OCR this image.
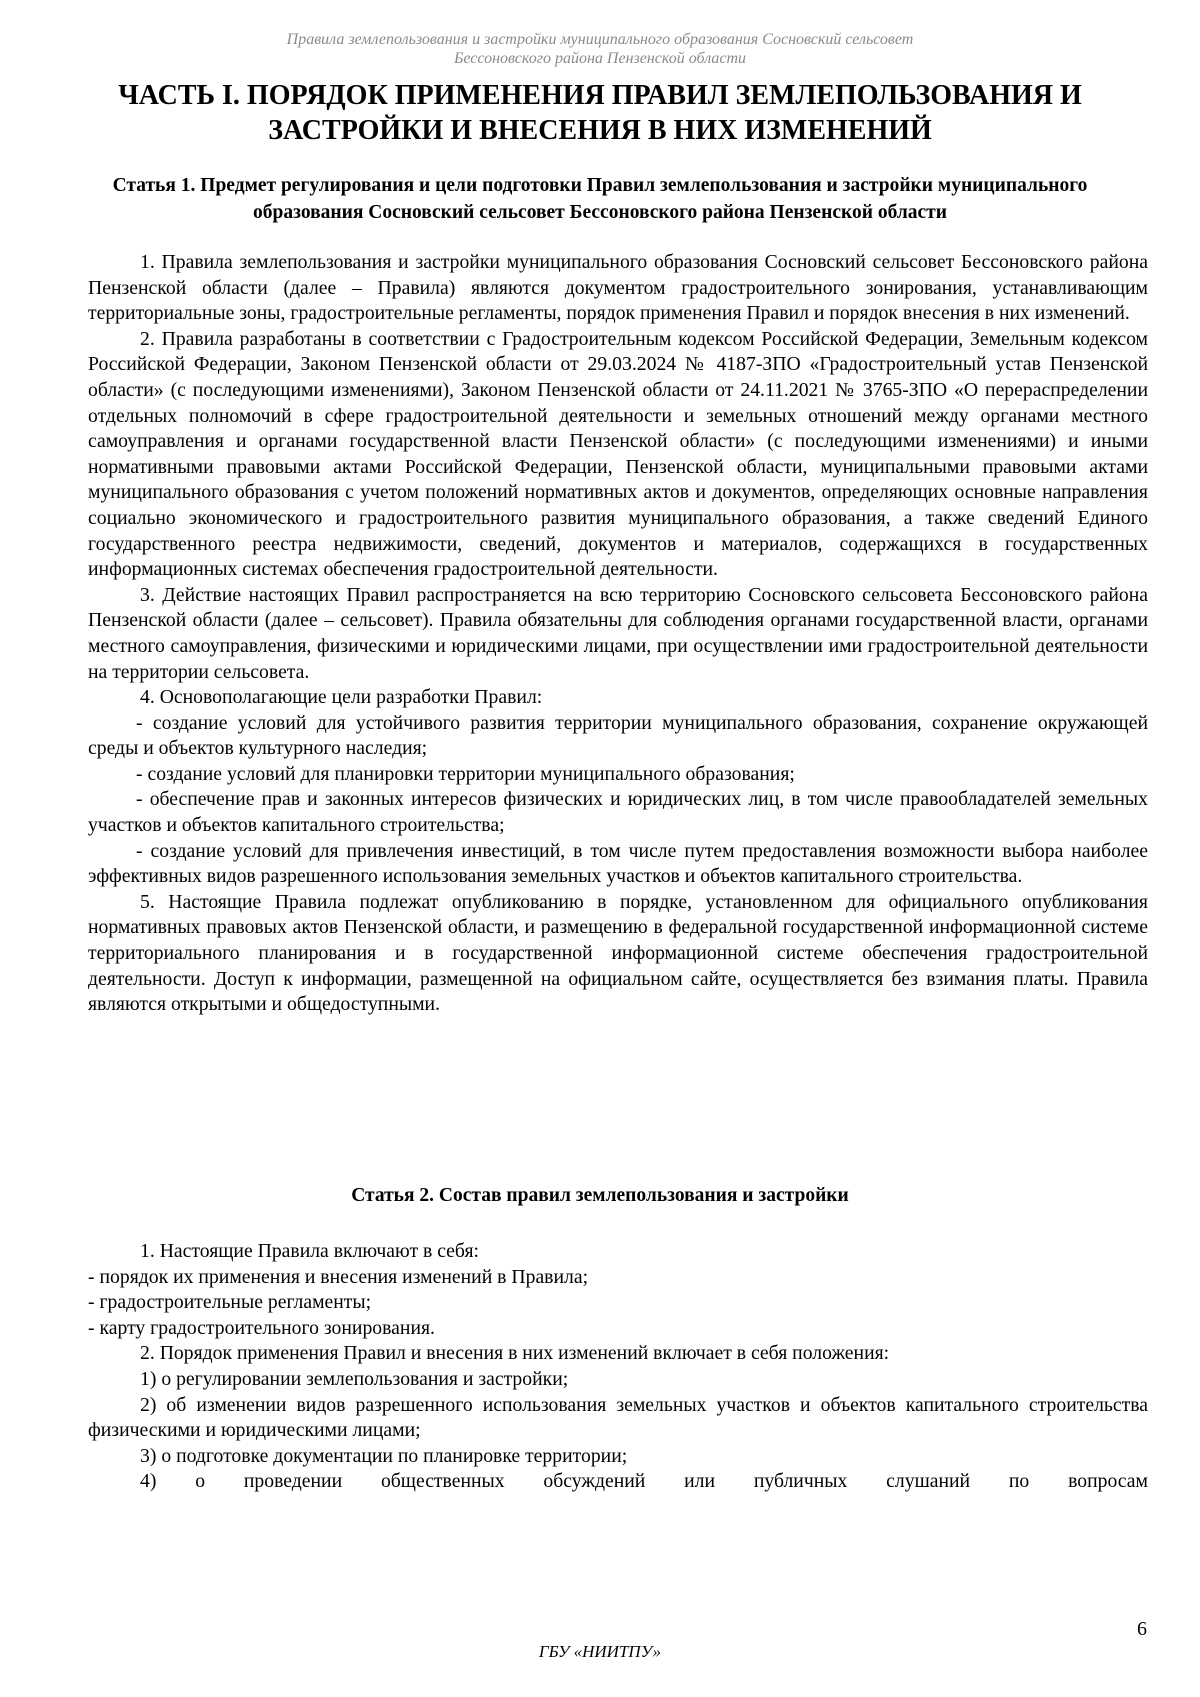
Правила землепользования и застройки муниципального образования Сосновский сельсовет
Бессоновского района Пензенской области
ЧАСТЬ I. ПОРЯДОК ПРИМЕНЕНИЯ ПРАВИЛ ЗЕМЛЕПОЛЬЗОВАНИЯ И ЗАСТРОЙКИ И ВНЕСЕНИЯ В НИХ ИЗМЕНЕНИЙ
Статья 1. Предмет регулирования и цели подготовки Правил землепользования и застройки муниципального образования Сосновский сельсовет Бессоновского района Пензенской области

1. Правила землепользования и застройки муниципального образования Сосновский сельсовет Бессоновского района Пензенской области (далее – Правила) являются документом градостроительного зонирования, устанавливающим территориальные зоны, градостроительные регламенты, порядок применения Правил и порядок внесения в них изменений.

2. Правила разработаны в соответствии с Градостроительным кодексом Российской Федерации, Земельным кодексом Российской Федерации, Законом Пензенской области от 29.03.2024 № 4187-ЗПО «Градостроительный устав Пензенской области» (с последующими изменениями), Законом Пензенской области от 24.11.2021 № 3765-ЗПО «О перераспределении отдельных полномочий в сфере градостроительной деятельности и земельных отношений между органами местного самоуправления и органами государственной власти Пензенской области» (с последующими изменениями) и иными нормативными правовыми актами Российской Федерации, Пензенской области, муниципальными правовыми актами муниципального образования с учетом положений нормативных актов и документов, определяющих основные направления социально экономического и градостроительного развития муниципального образования, а также сведений Единого государственного реестра недвижимости, сведений, документов и материалов, содержащихся в государственных информационных системах обеспечения градостроительной деятельности.

3. Действие настоящих Правил распространяется на всю территорию Сосновского сельсовета Бессоновского района Пензенской области (далее – сельсовет). Правила обязательны для соблюдения органами государственной власти, органами местного самоуправления, физическими и юридическими лицами, при осуществлении ими градостроительной деятельности на территории сельсовета.

4. Основополагающие цели разработки Правил:

- создание условий для устойчивого развития территории муниципального образования, сохранение окружающей среды и объектов культурного наследия;

- создание условий для планировки территории муниципального образования;

- обеспечение прав и законных интересов физических и юридических лиц, в том числе правообладателей земельных участков и объектов капитального строительства;

- создание условий для привлечения инвестиций, в том числе путем предоставления возможности выбора наиболее эффективных видов разрешенного использования земельных участков и объектов капитального строительства.

5. Настоящие Правила подлежат опубликованию в порядке, установленном для официального опубликования нормативных правовых актов Пензенской области, и размещению в федеральной государственной информационной системе территориального планирования и в государственной информационной системе обеспечения градостроительной деятельности. Доступ к информации, размещенной на официальном сайте, осуществляется без взимания платы. Правила являются открытыми и общедоступными.

Статья 2. Состав правил землепользования и застройки

1. Настоящие Правила включают в себя:

- порядок их применения и внесения изменений в Правила;

- градостроительные регламенты;

- карту градостроительного зонирования.

2. Порядок применения Правил и внесения в них изменений включает в себя положения:

1) о регулировании землепользования и застройки;

2) об изменении видов разрешенного использования земельных участков и объектов капитального строительства физическими и юридическими лицами;

3) о подготовке документации по планировке территории;

4) о проведении общественных обсуждений или публичных слушаний по вопросам

6
ГБУ «НИИТПУ»
